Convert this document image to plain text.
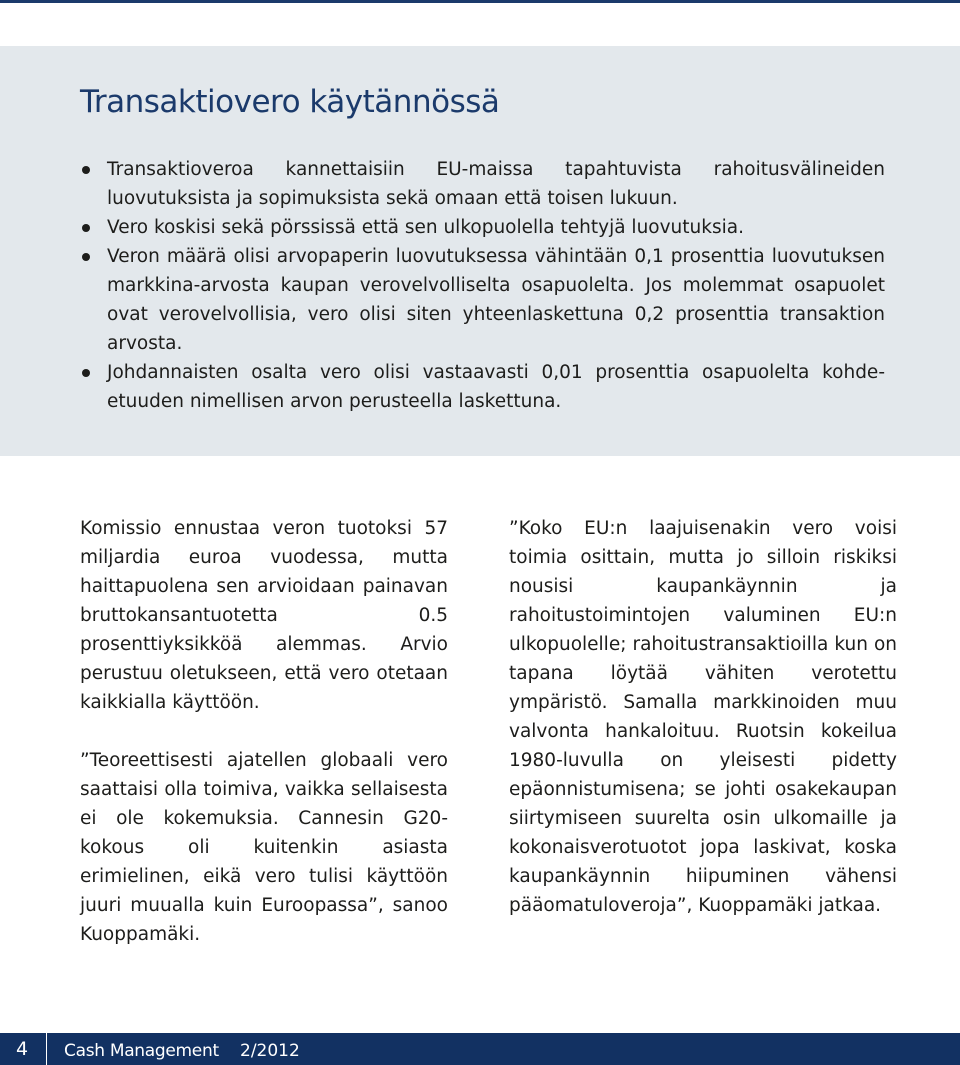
Transaktiovero käytännössä
Transaktioveroa kannettaisiin EU-maissa tapahtuvista rahoitusvälineiden luovutuksista ja sopimuksista sekä omaan että toisen lukuun.
Vero koskisi sekä pörssissä että sen ulkopuolella tehtyjä luovutuksia.
Veron määrä olisi arvopaperin luovutuksessa vähintään 0,1 prosenttia luovutuksen markkina-arvosta kaupan verovelvolliselta osapuolelta. Jos molemmat osapuolet ovat verovelvollisia, vero olisi siten yhteenlaskettuna 0,2 prosenttia transaktion arvosta.
Johdannaisten osalta vero olisi vastaavasti 0,01 prosenttia osapuolelta kohde-etuuden nimellisen arvon perusteella laskettuna.

Komissio ennustaa veron tuotoksi 57 miljardia euroa vuodessa, mutta haittapuolena sen arvioidaan painavan bruttokansantuotetta 0.5 prosenttiyksikköä alemmas. Arvio perustuu oletukseen, että vero otetaan kaikkialla käyttöön.

”Teoreettisesti ajatellen globaali vero saattaisi olla toimiva, vaikka sellaisesta ei ole kokemuksia. Cannesin G20- kokous oli kuitenkin asiasta erimielinen, eikä vero tulisi käyttöön juuri muualla kuin Euroopassa”, sanoo Kuoppamäki.

”Koko EU:n laajuisenakin vero voisi toimia osittain, mutta jo silloin riskiksi nousisi kaupankäynnin ja rahoitustoimintojen valuminen EU:n ulkopuolelle; rahoitustransaktioilla kun on tapana löytää vähiten verotettu ympäristö. Samalla markkinoiden muu valvonta hankaloituu. Ruotsin kokeilua 1980-luvulla on yleisesti pidetty epäonnistumisena; se johti osakekaupan siirtymiseen suurelta osin ulkomaille ja kokonaisverotuotot jopa laskivat, koska kaupankäynnin hiipuminen vähensi pääomatuloveroja”, Kuoppamäki jatkaa.

4 Cash Management 2/2012
